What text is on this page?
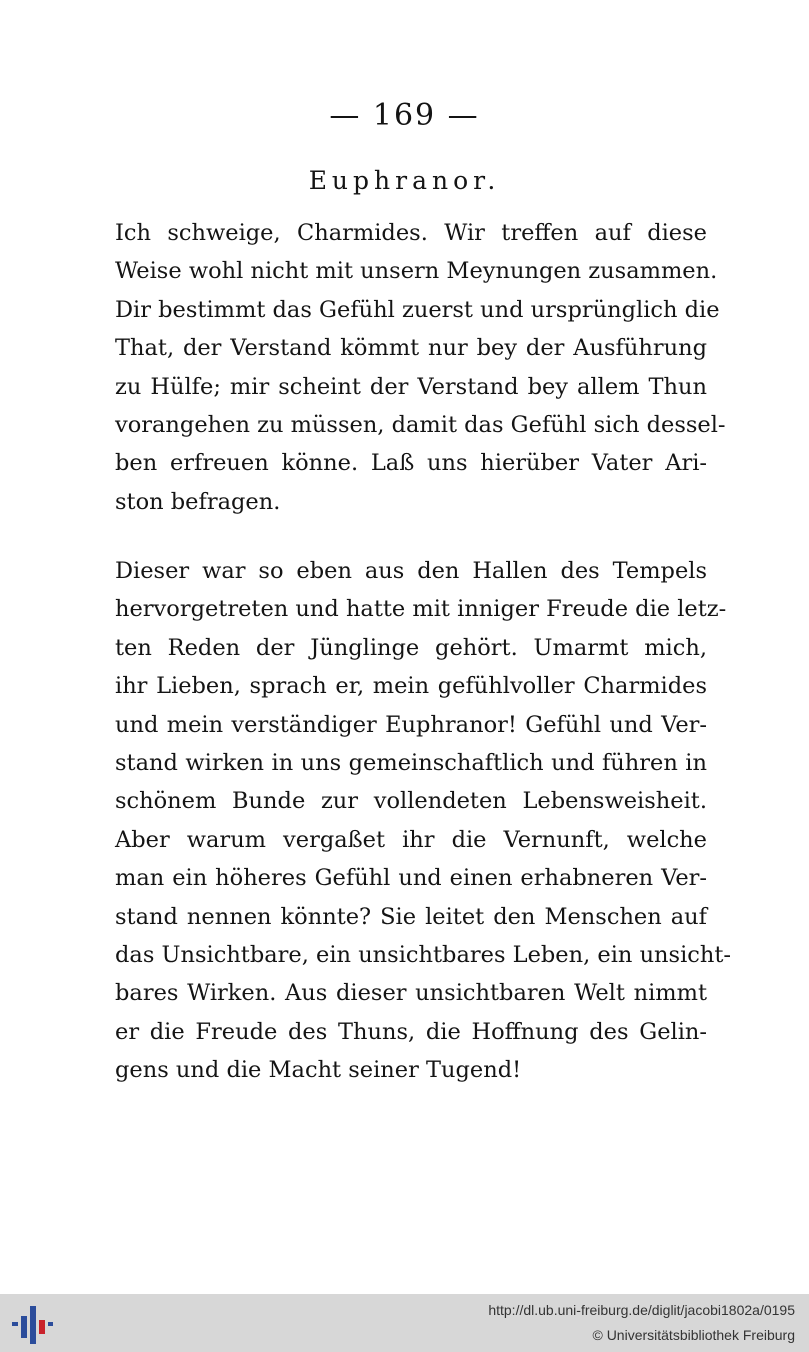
— 169 —
Euphranor.

Ich schweige, Charmides. Wir treffen auf diese
Weise wohl nicht mit unsern Meynungen zusammen.
Dir bestimmt das Gefühl zuerst und ursprünglich die
That, der Verstand kömmt nur bey der Ausführung
zu Hülfe; mir scheint der Verstand bey allem Thun
vorangehen zu müssen, damit das Gefühl sich dessel-
ben erfreuen könne. Laß uns hierüber Vater Ari-
ston befragen.

Dieser war so eben aus den Hallen des Tempels
hervorgetreten und hatte mit inniger Freude die letz-
ten Reden der Jünglinge gehört. Umarmt mich,
ihr Lieben, sprach er, mein gefühlvoller Charmides
und mein verständiger Euphranor! Gefühl und Ver-
stand wirken in uns gemeinschaftlich und führen in
schönem Bunde zur vollendeten Lebensweisheit.
Aber warum vergaßet ihr die Vernunft, welche
man ein höheres Gefühl und einen erhabneren Ver-
stand nennen könnte? Sie leitet den Menschen auf
das Unsichtbare, ein unsichtbares Leben, ein unsicht-
bares Wirken. Aus dieser unsichtbaren Welt nimmt
er die Freude des Thuns, die Hoffnung des Gelin-
gens und die Macht seiner Tugend!

http://dl.ub.uni-freiburg.de/diglit/jacobi1802a/0195
© Universitätsbibliothek Freiburg
